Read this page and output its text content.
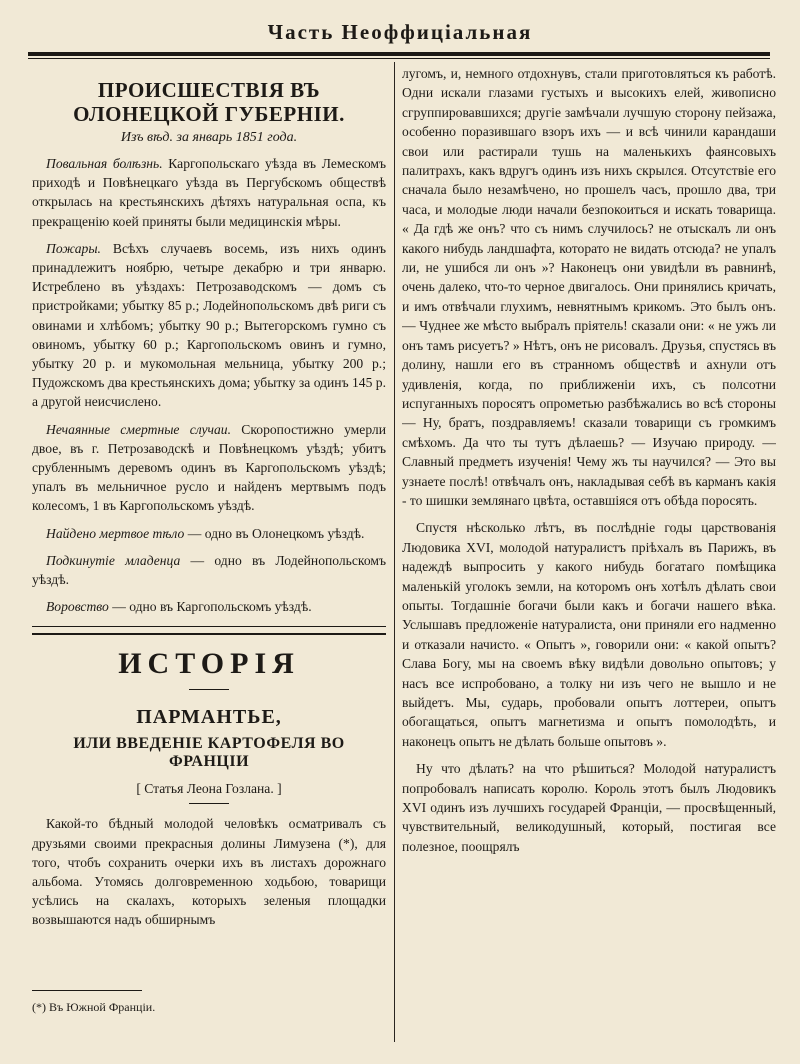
Часть Неоффиціальная
ПРОИСШЕСТВІЯ ВЪ ОЛОНЕЦКОЙ ГУБЕРНІИ.
Изъ вѣд. за январь 1851 года.

Повальная болѣзнь. Каргопольскаго уѣзда въ Лемескомъ приходѣ и Повѣнецкаго уѣзда въ Пергубскомъ обществѣ открылась на крестьянскихъ дѣтяхъ натуральная оспа, къ прекращенію коей приняты были медицинскія мѣры.

Пожары. Всѣхъ случаевъ восемь, изъ нихъ одинъ принадлежитъ ноябрю, четыре декабрю и три январю. Истреблено въ уѣздахъ: Петрозаводскомъ — домъ съ пристройками; убытку 85 р.; Лодейнопольскомъ двѣ риги съ овинами и хлѣбомъ; убытку 90 р.; Вытегорскомъ гумно съ овиномъ, убытку 60 р.; Каргопольскомъ овинъ и гумно, убытку 20 р. и мукомольная мельница, убытку 200 р.; Пудожскомъ два крестьянскихъ дома; убытку за одинъ 145 р. а другой неисчислено.

Нечаянные смертные случаи. Скоропостижно умерли двое, въ г. Петрозаводскѣ и Повѣнецкомъ уѣздѣ; убитъ срубленнымъ деревомъ одинъ въ Каргопольскомъ уѣздѣ; упалъ въ мельничное русло и найденъ мертвымъ подъ колесомъ, 1 въ Каргопольскомъ уѣздѣ.

Найдено мертвое тѣло — одно въ Олонецкомъ уѣздѣ.

Подкинутіе младенца — одно въ Лодейнопольскомъ уѣздѣ.

Воровство — одно въ Каргопольскомъ уѣздѣ.

ИСТОРІЯ
ПАРМАНТЬЕ,
ИЛИ ВВЕДЕНІЕ КАРТОФЕЛЯ ВО ФРАНЦІИ
[ Статья Леона Гозлана. ]

Какой-то бѣдный молодой человѣкъ осматривалъ съ друзьями своими прекрасныя долины Лимузена (*), для того, чтобъ сохранить очерки ихъ въ листахъ дорожнаго альбома. Утомясь долговременною ходьбою, товарищи усѣлись на скалахъ, которыхъ зеленыя площадки возвышаются надъ обширнымъ

(*) Въ Южной Франціи.

лугомъ, и, немного отдохнувъ, стали приготовляться къ работѣ. Одни искали глазами густыхъ и высокихъ елей, живописно сгруппировавшихся; другіе замѣчали лучшую сторону пейзажа, особенно поразившаго взоръ ихъ — и всѣ чинили карандаши свои или растирали тушь на маленькихъ фаянсовыхъ палитрахъ, какъ вдругъ одинъ изъ нихъ скрылся. Отсутствіе его сначала было незамѣчено, но прошелъ часъ, прошло два, три часа, и молодые люди начали безпокоиться и искать товарища. « Да гдѣ же онъ? что съ нимъ случилось? не отыскалъ ли онъ какого нибудь ландшафта, которато не видать отсюда? не упалъ ли, не ушибся ли онъ »? Наконецъ они увидѣли въ равнинѣ, очень далеко, что-то черное двигалось. Они принялись кричать, и имъ отвѣчали глухимъ, невнятнымъ крикомъ. Это былъ онъ. — Чуднее же мѣсто выбралъ пріятель! сказали они: « не ужъ ли онъ тамъ рисуетъ? » Нѣтъ, онъ не рисовалъ. Друзья, спустясь въ долину, нашли его въ странномъ обществѣ и ахнули отъ удивленія, когда, по приближеніи ихъ, съ полсотни испуганныхъ поросятъ опрометью разбѣжались во всѣ стороны — Ну, братъ, поздравляемъ! сказали товарищи съ громкимъ смѣхомъ. Да что ты тутъ дѣлаешь? — Изучаю природу. — Славный предметъ изученія! Чему жъ ты научился? — Это вы узнаете послѣ! отвѣчалъ онъ, накладывая себѣ въ карманъ какія - то шишки землянаго цвѣта, оставшіяся отъ обѣда поросять.

Спустя нѣсколько лѣтъ, въ послѣдніе годы царствованія Людовика XVI, молодой натуралистъ пріѣхалъ въ Парижъ, въ надеждѣ выпросить у какого нибудь богатаго помѣщика маленькій уголокъ земли, на которомъ онъ хотѣлъ дѣлать свои опыты. Тогдашніе богачи были какъ и богачи нашего вѣка. Услышавъ предложеніе натуралиста, они приняли его надменно и отказали начисто. « Опытъ », говорили они: « какой опытъ? Слава Богу, мы на своемъ вѣку видѣли довольно опытовъ; у насъ все испробовано, а толку ни изъ чего не вышло и не выйдетъ. Мы, сударь, пробовали опытъ лоттереи, опытъ обогащаться, опытъ магнетизма и опытъ помолодѣть, и наконецъ опытъ не дѣлать больше опытовъ ».

Ну что дѣлать? на что рѣшиться? Молодой натуралистъ попробовалъ написать королю. Король этотъ былъ Людовикъ XVI одинъ изъ лучшихъ государей Франціи, — просвѣщенный, чувствительный, великодушный, который, постигая все полезное, поощрялъ
